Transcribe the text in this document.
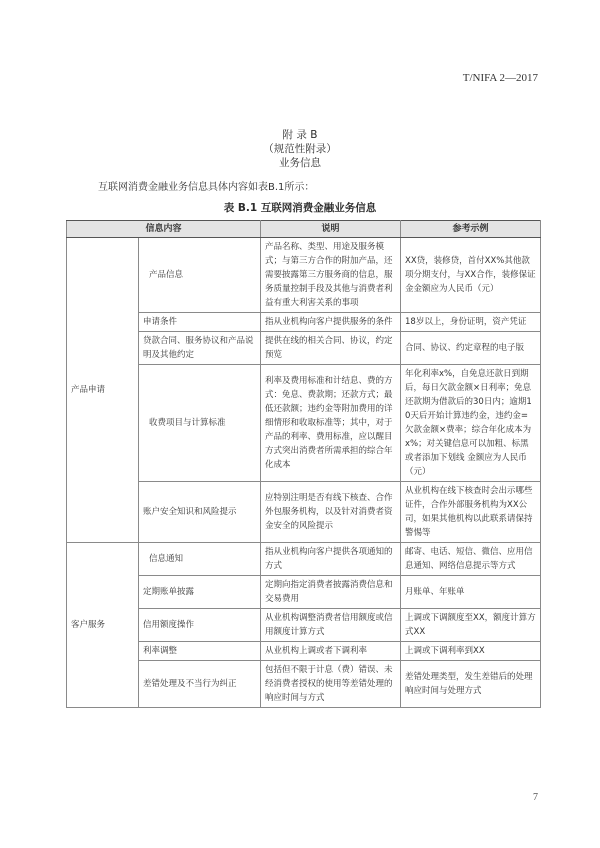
T/NIFA 2—2017
附 录 B
（规范性附录）
业务信息
互联网消费金融业务信息具体内容如表B.1所示：
表 B.1 互联网消费金融业务信息
信息内容		说明	参考示例
产品申请	产品信息	产品名称、类型、用途及服务模式；与第三方合作的附加产品，还需要披露第三方服务商的信息，服务质量控制手段及其他与消费者利益有重大利害关系的事项	XX贷，装修贷，首付XX%其他款项分期支付，与XX合作，装修保证金金额应为人民币（元）
	申请条件	指从业机构向客户提供服务的条件	18岁以上，身份证明，资产凭证
	贷款合同、服务协议和产品说明及其他约定	提供在线的相关合同、协议，约定预览	合同、协议、约定章程的电子版
	收费项目与计算标准	利率及费用标准和计结息、费的方式：免息、费款期；还款方式；最低还款额；违约金等附加费用的详细情形和收取标准等；其中，对于产品的利率、费用标准，应以醒目方式突出消费者所需承担的综合年化成本	年化利率x%，自免息还款日到期后，每日欠款金额×日利率；免息还款期为借款后的30日内；逾期10天后开始计算违约金，违约金=欠款金额×费率；综合年化成本为x%；对关键信息可以加粗、标黑或者添加下划线 金额应为人民币（元）
	账户安全知识和风险提示	应特别注明是否有线下核查、合作外包服务机构，以及针对消费者资金安全的风险提示	从业机构在线下核查时会出示哪些证件，合作外部服务机构为XX公司，如果其他机构以此联系请保持警惕等
客户服务	信息通知	指从业机构向客户提供各项通知的方式	邮寄、电话、短信、微信、应用信息通知、网络信息提示等方式
	定期账单披露	定期向指定消费者披露消费信息和交易费用	月账单、年账单
	信用额度操作	从业机构调整消费者信用额度或信用额度计算方式	上调或下调额度至XX，额度计算方式XX
	利率调整	从业机构上调或者下调利率	上调或下调利率到XX
	差错处理及不当行为纠正	包括但不限于计息（费）错误、未经消费者授权的使用等差错处理的响应时间与方式	差错处理类型，发生差错后的处理响应时间与处理方式
7
